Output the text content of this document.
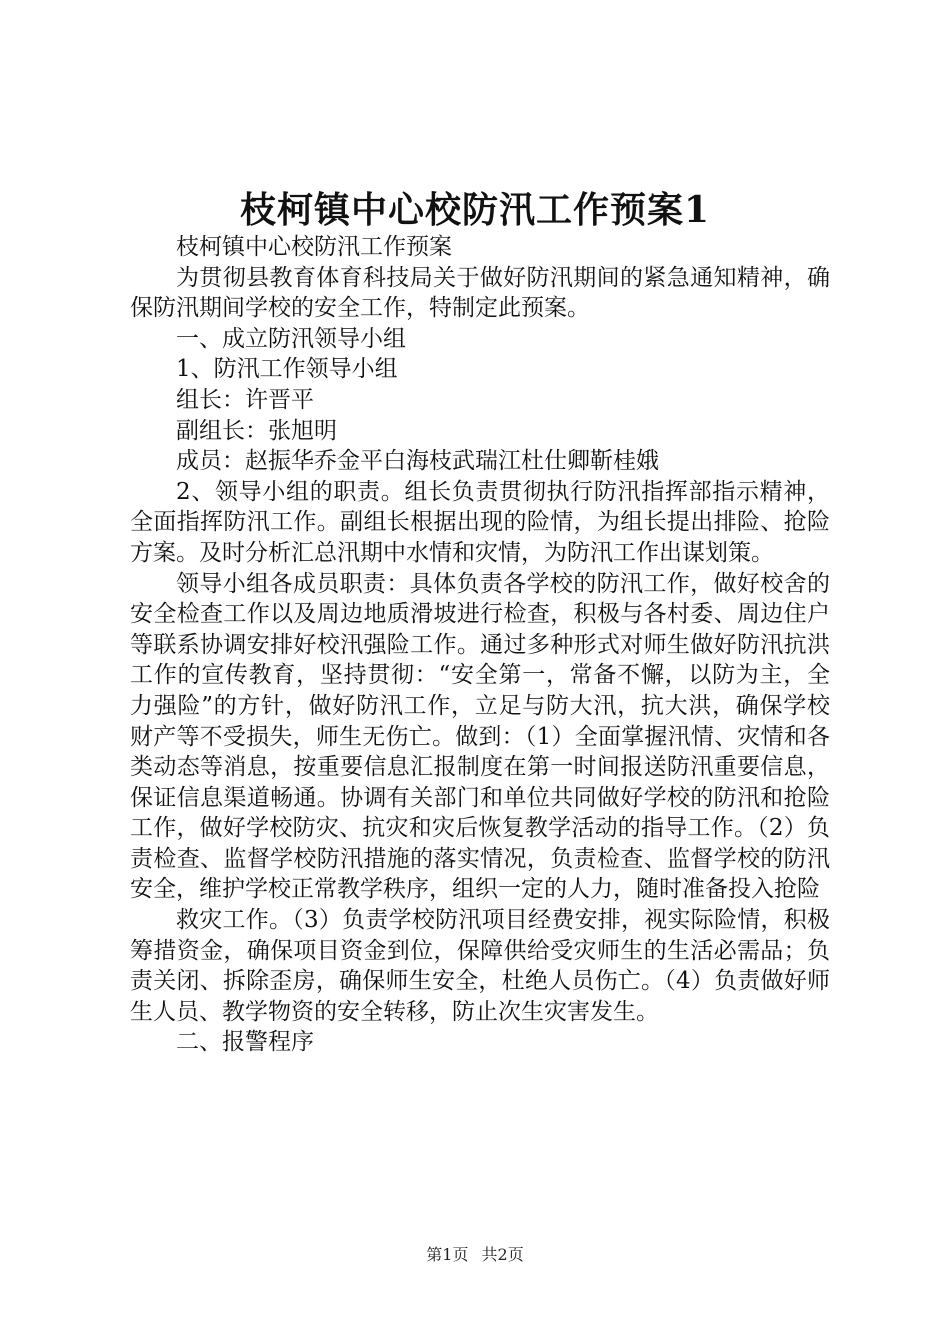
枝柯镇中心校防汛工作预案1

枝柯镇中心校防汛工作预案

为贯彻县教育体育科技局关于做好防汛期间的紧急通知精神，确保防汛期间学校的安全工作，特制定此预案。

一、成立防汛领导小组

1、防汛工作领导小组

组长：许晋平

副组长：张旭明

成员：赵振华乔金平白海枝武瑞江杜仕卿靳桂娥

2、领导小组的职责。组长负责贯彻执行防汛指挥部指示精神，全面指挥防汛工作。副组长根据出现的险情，为组长提出排险、抢险方案。及时分析汇总汛期中水情和灾情，为防汛工作出谋划策。

领导小组各成员职责：具体负责各学校的防汛工作，做好校舍的安全检查工作以及周边地质滑坡进行检查，积极与各村委、周边住户等联系协调安排好校汛强险工作。通过多种形式对师生做好防汛抗洪工作的宣传教育，坚持贯彻：“安全第一，常备不懈，以防为主，全力强险”的方针，做好防汛工作，立足与防大汛，抗大洪，确保学校财产等不受损失，师生无伤亡。做到：（1）全面掌握汛情、灾情和各类动态等消息，按重要信息汇报制度在第一时间报送防汛重要信息，保证信息渠道畅通。协调有关部门和单位共同做好学校的防汛和抢险工作，做好学校防灾、抗灾和灾后恢复教学活动的指导工作。（2）负责检查、监督学校防汛措施的落实情况，负责检查、监督学校的防汛安全，维护学校正常教学秩序，组织一定的人力，随时准备投入抢险

救灾工作。（3）负责学校防汛项目经费安排，视实际险情，积极筹措资金，确保项目资金到位，保障供给受灾师生的生活必需品；负责关闭、拆除歪房，确保师生安全，杜绝人员伤亡。（4）负责做好师生人员、教学物资的安全转移，防止次生灾害发生。

二、报警程序

第1页 共2页
